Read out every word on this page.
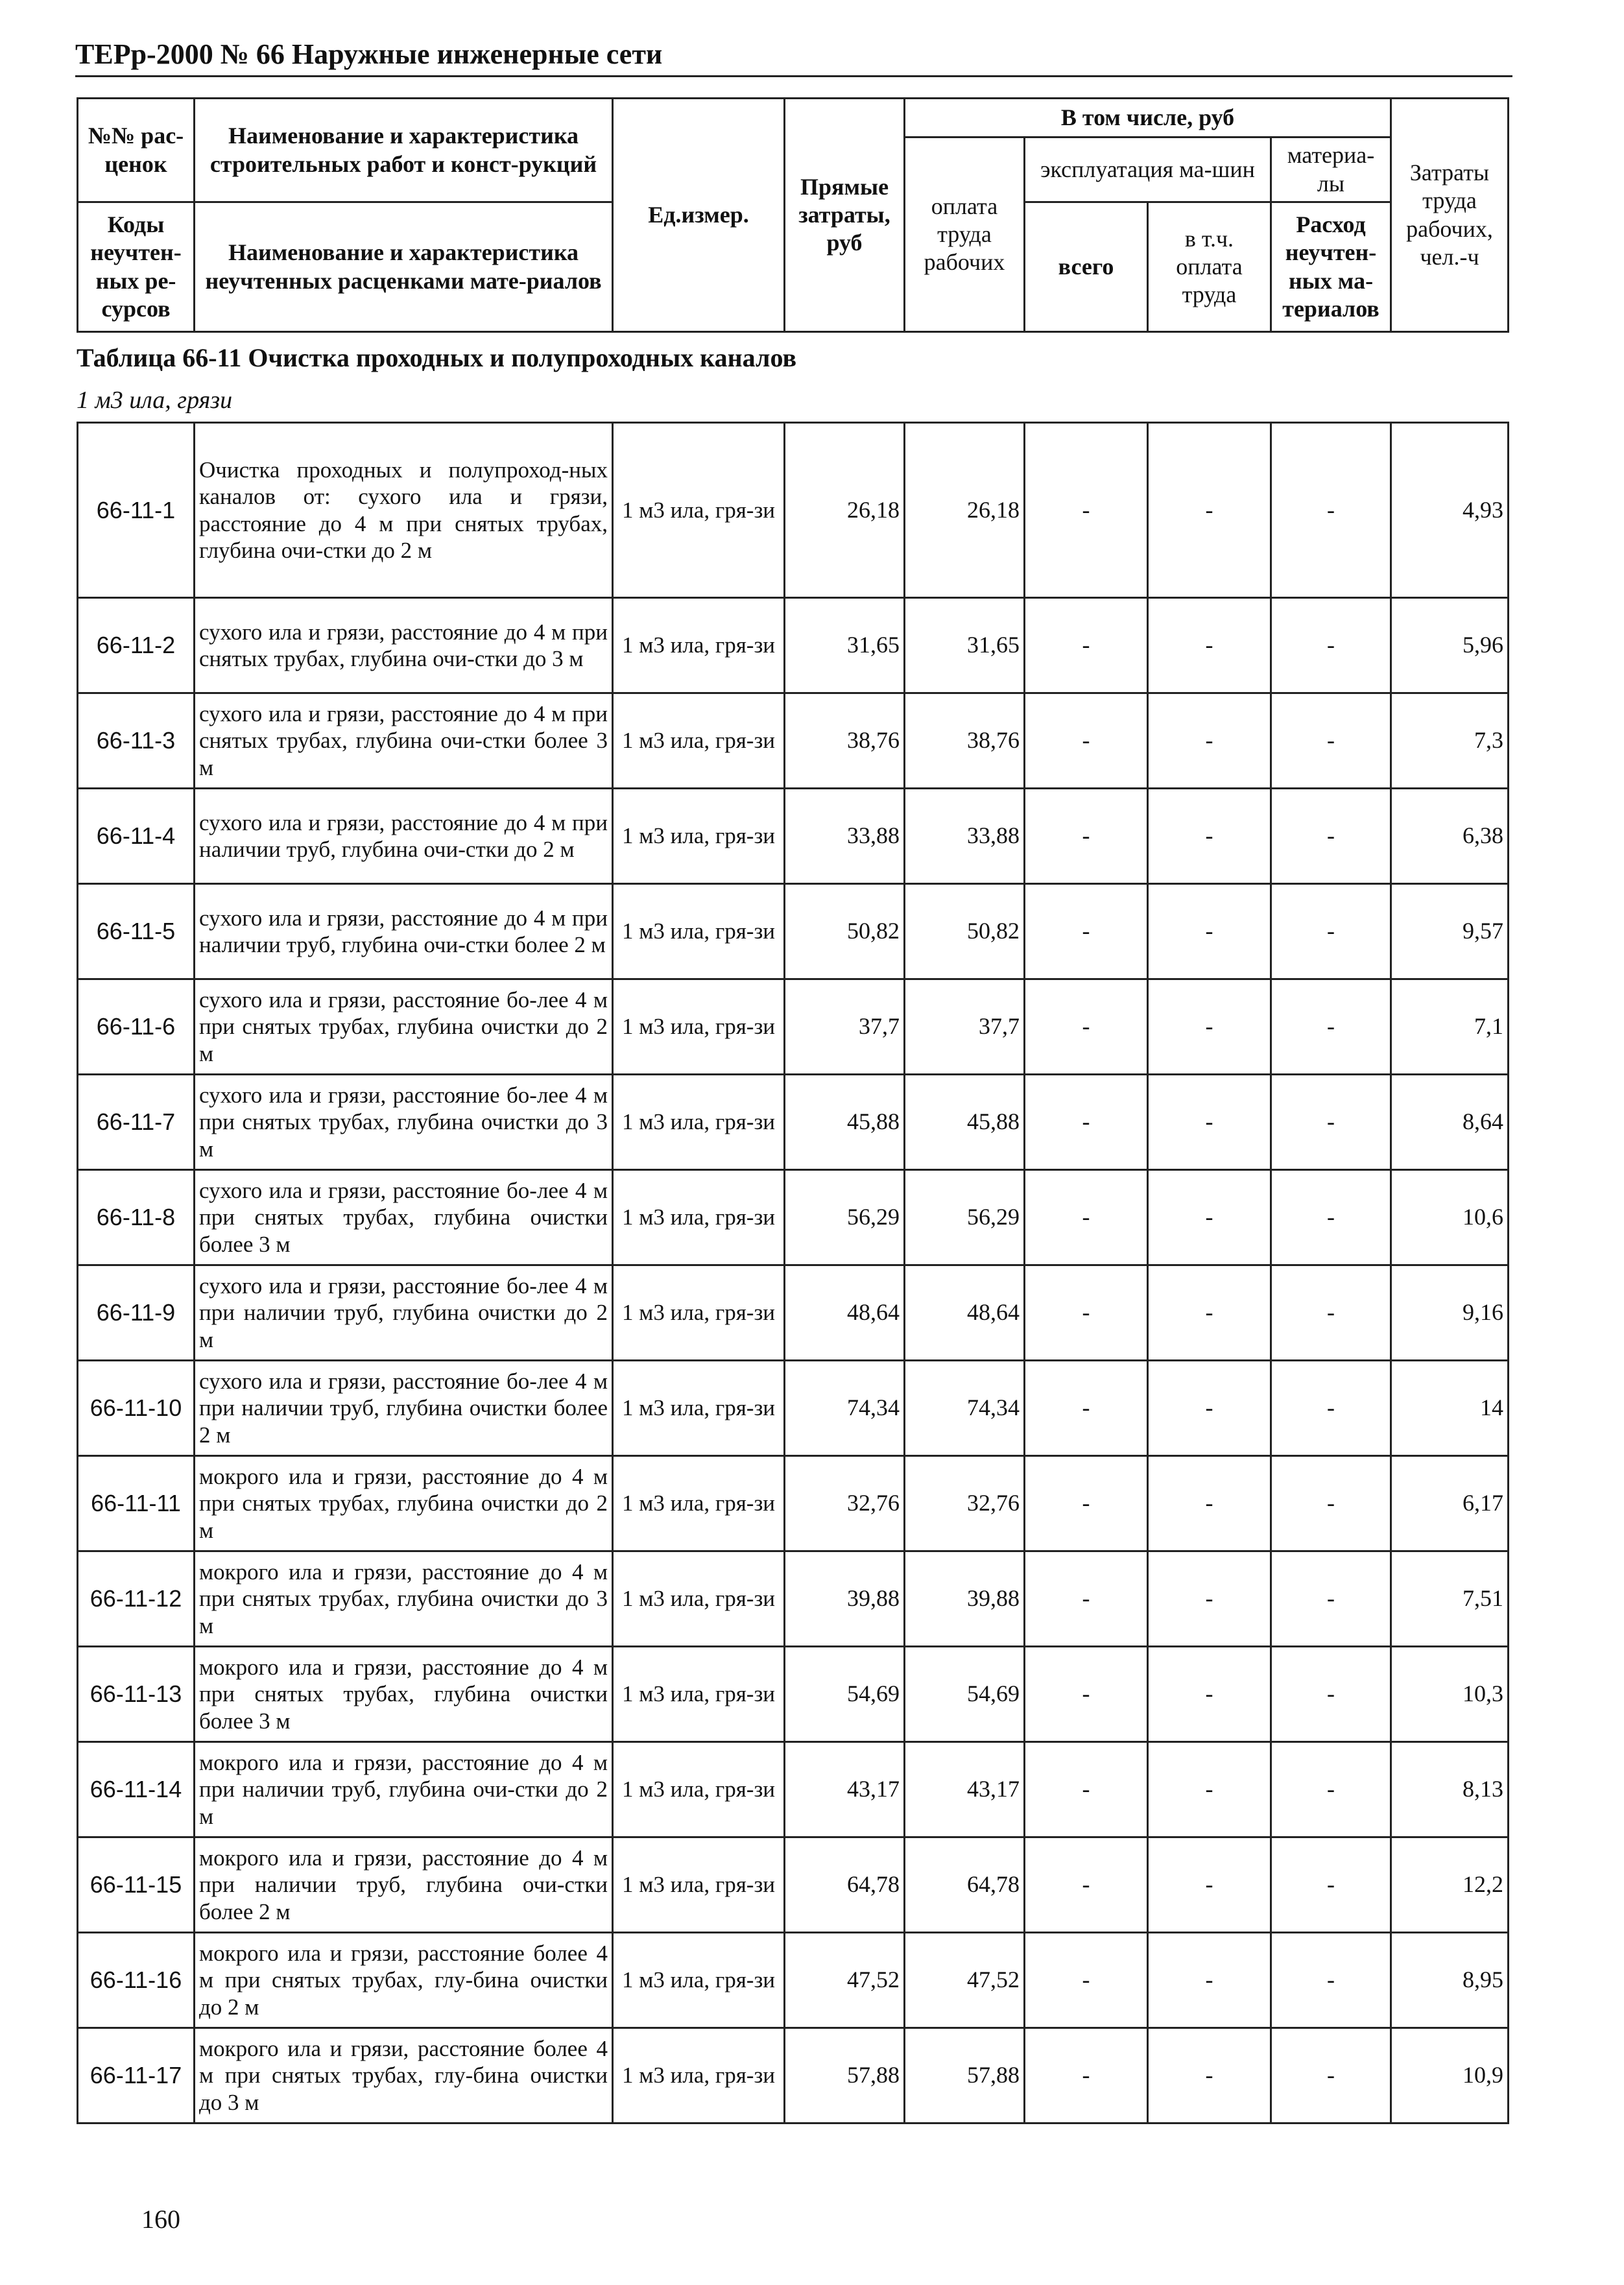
ТЕРр-2000 № 66 Наружные инженерные сети
№№ рас-ценок	Наименование и характеристика строительных работ и конст-рукций	Ед.измер.	Прямые затраты, руб	В том числе, руб				Затраты труда рабочих, чел.-ч
				оплата труда рабочих	эксплуатация ма-шин		материа-лы	
Коды неучтен-ных ре-сурсов	Наименование и характеристика неучтенных расценками мате-риалов				всего	в т.ч. оплата труда	Расход неучтен-ных ма-териалов	

Таблица 66-11 Очистка проходных и полупроходных каналов
1 м3 ила, грязи
66-11-1	Очистка проходных и полупроход-ных каналов от: сухого ила и грязи, расстояние до 4 м при снятых трубах, глубина очи-стки до 2 м	1 м3 ила, гря-зи	26,18	26,18	-	-	-	4,93
66-11-2	сухого ила и грязи, расстояние до 4 м при снятых трубах, глубина очи-стки до 3 м	1 м3 ила, гря-зи	31,65	31,65	-	-	-	5,96
66-11-3	сухого ила и грязи, расстояние до 4 м при снятых трубах, глубина очи-стки более 3 м	1 м3 ила, гря-зи	38,76	38,76	-	-	-	7,3
66-11-4	сухого ила и грязи, расстояние до 4 м при наличии труб, глубина очи-стки до 2 м	1 м3 ила, гря-зи	33,88	33,88	-	-	-	6,38
66-11-5	сухого ила и грязи, расстояние до 4 м при наличии труб, глубина очи-стки более 2 м	1 м3 ила, гря-зи	50,82	50,82	-	-	-	9,57
66-11-6	сухого ила и грязи, расстояние бо-лее 4 м при снятых трубах, глубина очистки до 2 м	1 м3 ила, гря-зи	37,7	37,7	-	-	-	7,1
66-11-7	сухого ила и грязи, расстояние бо-лее 4 м при снятых трубах, глубина очистки до 3 м	1 м3 ила, гря-зи	45,88	45,88	-	-	-	8,64
66-11-8	сухого ила и грязи, расстояние бо-лее 4 м при снятых трубах, глубина очистки более 3 м	1 м3 ила, гря-зи	56,29	56,29	-	-	-	10,6
66-11-9	сухого ила и грязи, расстояние бо-лее 4 м при наличии труб, глубина очистки до 2 м	1 м3 ила, гря-зи	48,64	48,64	-	-	-	9,16
66-11-10	сухого ила и грязи, расстояние бо-лее 4 м при наличии труб, глубина очистки более 2 м	1 м3 ила, гря-зи	74,34	74,34	-	-	-	14
66-11-11	мокрого ила и грязи, расстояние до 4 м при снятых трубах, глубина очистки до 2 м	1 м3 ила, гря-зи	32,76	32,76	-	-	-	6,17
66-11-12	мокрого ила и грязи, расстояние до 4 м при снятых трубах, глубина очистки до 3 м	1 м3 ила, гря-зи	39,88	39,88	-	-	-	7,51
66-11-13	мокрого ила и грязи, расстояние до 4 м при снятых трубах, глубина очистки более 3 м	1 м3 ила, гря-зи	54,69	54,69	-	-	-	10,3
66-11-14	мокрого ила и грязи, расстояние до 4 м при наличии труб, глубина очи-стки до 2 м	1 м3 ила, гря-зи	43,17	43,17	-	-	-	8,13
66-11-15	мокрого ила и грязи, расстояние до 4 м при наличии труб, глубина очи-стки более 2 м	1 м3 ила, гря-зи	64,78	64,78	-	-	-	12,2
66-11-16	мокрого ила и грязи, расстояние более 4 м при снятых трубах, глу-бина очистки до 2 м	1 м3 ила, гря-зи	47,52	47,52	-	-	-	8,95
66-11-17	мокрого ила и грязи, расстояние более 4 м при снятых трубах, глу-бина очистки до 3 м	1 м3 ила, гря-зи	57,88	57,88	-	-	-	10,9
160
